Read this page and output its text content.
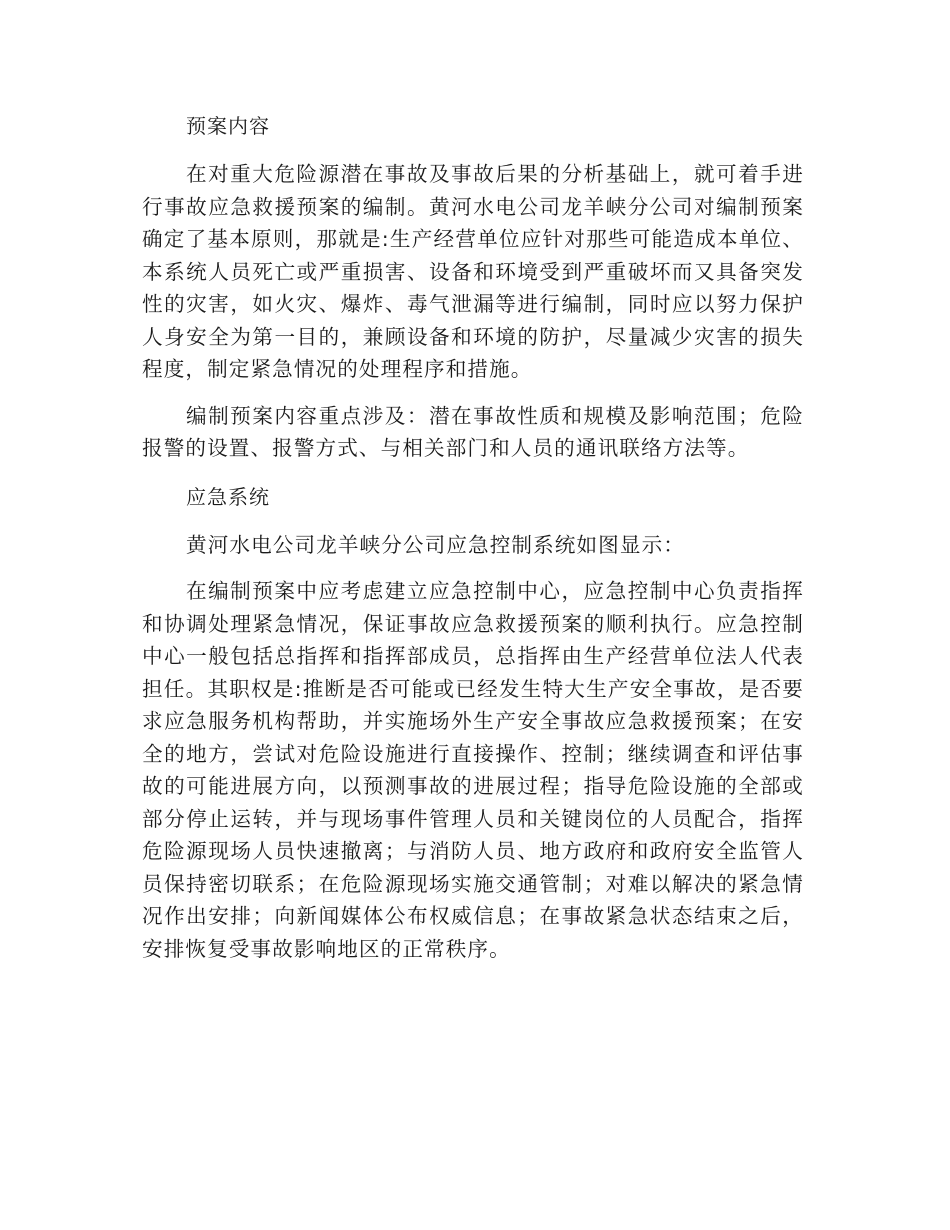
预案内容

在对重大危险源潜在事故及事故后果的分析基础上，就可着手进行事故应急救援预案的编制。黄河水电公司龙羊峡分公司对编制预案确定了基本原则，那就是:生产经营单位应针对那些可能造成本单位、本系统人员死亡或严重损害、设备和环境受到严重破坏而又具备突发性的灾害，如火灾、爆炸、毒气泄漏等进行编制，同时应以努力保护人身安全为第一目的，兼顾设备和环境的防护，尽量减少灾害的损失程度，制定紧急情况的处理程序和措施。

编制预案内容重点涉及：潜在事故性质和规模及影响范围；危险报警的设置、报警方式、与相关部门和人员的通讯联络方法等。

应急系统

黄河水电公司龙羊峡分公司应急控制系统如图显示：

在编制预案中应考虑建立应急控制中心，应急控制中心负责指挥和协调处理紧急情况，保证事故应急救援预案的顺利执行。应急控制中心一般包括总指挥和指挥部成员，总指挥由生产经营单位法人代表担任。其职权是:推断是否可能或已经发生特大生产安全事故，是否要求应急服务机构帮助，并实施场外生产安全事故应急救援预案；在安全的地方，尝试对危险设施进行直接操作、控制；继续调查和评估事故的可能进展方向，以预测事故的进展过程；指导危险设施的全部或部分停止运转，并与现场事件管理人员和关键岗位的人员配合，指挥危险源现场人员快速撤离；与消防人员、地方政府和政府安全监管人员保持密切联系；在危险源现场实施交通管制；对难以解决的紧急情况作出安排；向新闻媒体公布权威信息；在事故紧急状态结束之后，安排恢复受事故影响地区的正常秩序。
